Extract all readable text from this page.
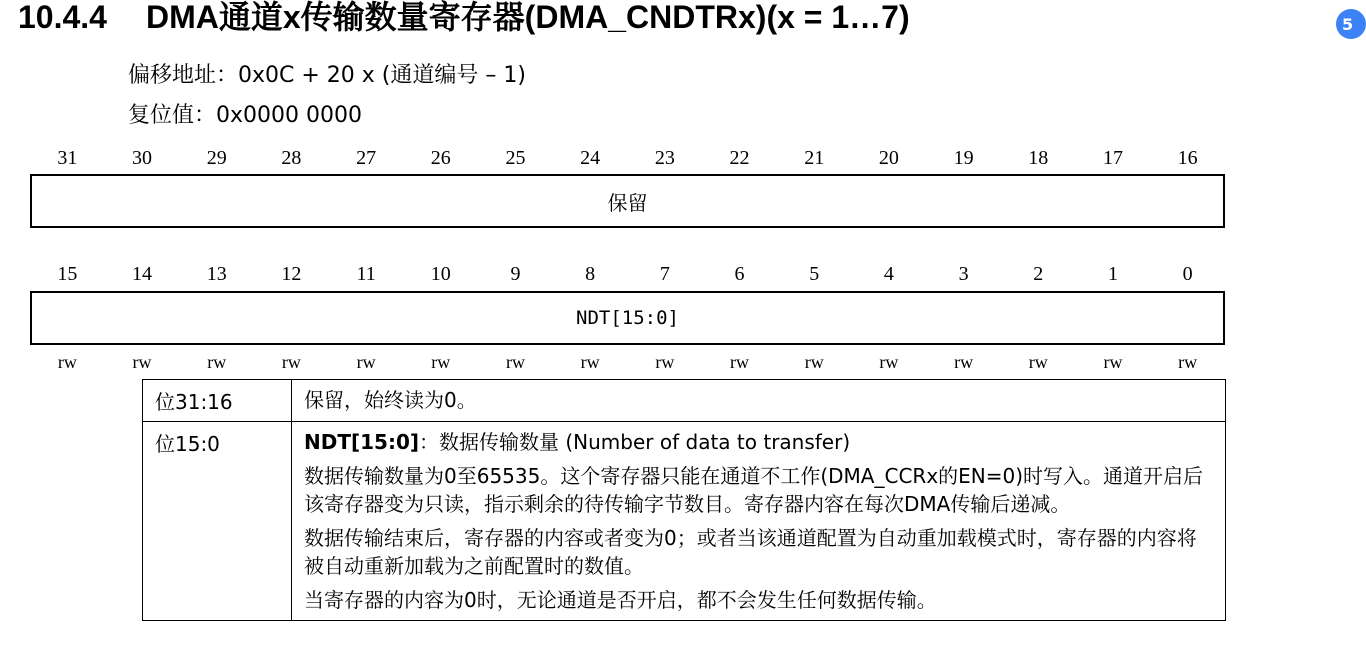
10.4.4 DMA通道x传输数量寄存器(DMA_CNDTRx)(x = 1…7)
偏移地址：0x0C + 20 x (通道编号 – 1)
复位值：0x0000 0000
31	30	29	28	27	26	25	24	23	22	21	20	19	18	17	16
保留
15	14	13	12	11	10	9	8	7	6	5	4	3	2	1	0
NDT[15:0]
rw	rw	rw	rw	rw	rw	rw	rw	rw	rw	rw	rw	rw	rw	rw	rw
位31:16	保留，始终读为0。

位15:0	NDT[15:0]：数据传输数量 (Number of data to transfer)

数据传输数量为0至65535。这个寄存器只能在通道不工作(DMA_CCRx的EN=0)时写入。通道开启后该寄存器变为只读，指示剩余的待传输字节数目。寄存器内容在每次DMA传输后递减。

数据传输结束后，寄存器的内容或者变为0；或者当该通道配置为自动重加载模式时，寄存器的内容将被自动重新加载为之前配置时的数值。

当寄存器的内容为0时，无论通道是否开启，都不会发生任何数据传输。

5
